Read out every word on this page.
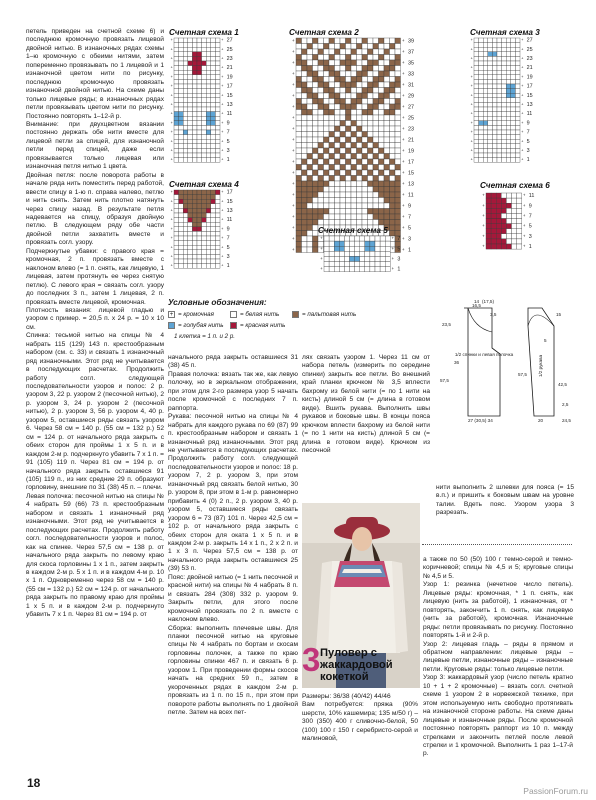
+	+
+	+
+	+
+	+
+	+
+	+
+	+
+	+
+	+
+	+
+	+
+	+
+	+
+	+
27
25
23
21
19
17
15
13
11
9
7
5
3
1
+	+
+	+
+	+
+	+
+	+
+	+
+	+
+	+
+	+
+	+
+	+
+	+
+	+
+	+
+	+
+	+
+	+
+	+
+	+
+	+
39
37
35
33
31
29
27
25
23
21
19
17
15
13
11
9
7
5
3
1
+	+
+	+
+	+
+	+
+	+
+	+
+	+
+	+
+	+
+	+
+	+
+	+
+	+
+	+
27
25
23
21
19
17
15
13
11
9
7
5
3
1
+	+
+	+
+	+
+	+
+	+
+	+
+	+
+	+
+	+
17
15
13
11
9
7
5
3
1
+	+
+	+
+	+
+	+
7
5
3
1
+	+
+	+
+	+
+	+
+	+
+	+
11
9
7
5
3
1
Счетная схема 1	Счетная схема 2	Счетная схема 3
Счетная схема 4
Счетная схема 5
Счетная схема 6
Условные обозначения:
+ = кромочная	= белая нить	= пальтовая нить
= голубая нить	= красная нить
1 клетка = 1 п. и 2 р.
14 (17,5)
16,5
3,5
23,5
36
57,5
15
5
57,5
42,5
27 (30,5) 34	20	24,5
2,5
1/2 спинки и левая полочка
1/2 рукава

петель приведен на счетной схеме 6) и последнюю кромочную провязать лицевой двойной нитью. В изнаночных рядах схемы 1–ю кромочную с обеими нитями, затем попеременно провязывать по 1 лицевой и 1 изнаночной цветом нити по рисунку, последнюю кромочную провязать изнаночной двойной нитью. На схеме даны только лицевые ряды; в изнаночных рядах петли провязывать цветом нити по рисунку. Постоянно повторять 1–12-й р.

Внимание: при двухцветном вязании постоянно держать обе нити вместе для лицевой петли за спицей, для изнаночной петли перед спицей, даже если провязывается только лицевая или изнаночная петля нитью 1 цвета.

Двойная петля: после поворота работы в начале ряда нить поместить перед работой, ввести спицу в 1-ю п. справа налево, петлю и нить снять. Затем нить плотно натянуть через спицу назад. В результате петля надевается на спицу, образуя двойную петлю. В следующем ряду обе части двойной петли захватить вместе и провязать согл. узору.

Подчеркнутые убавки: с правого края = кромочная, 2 п. провязать вместе с наклоном влево (= 1 п. снять, как лицевую, 1 лицевая, затем протянуть ее через снятую петлю). С левого края = связать согл. узору до последних 3 п., затем 1 лицевая, 2 п. провязать вместе лицевой, кромочная.

Плотность вязания: лицевой гладью и узором с пример. = 20,5 п. x 24 р. = 10 x 10 см.

Спинка: тесьмой нитью на спицы № 4 набрать 115 (129) 143 п. крестообразным набором (см. с. 33) и связать 1 изнаночный ряд изнаночными. Этот ряд не учитывается в последующих расчетах. Продолжить работу согл. следующей последовательности узоров и полос: 2 р. узором 3, 22 р. узором 2 (песочной нитью), 2 р. узором 3, 24 р. узором 2 (песочной нитью), 2 р. узором 3, 56 р. узором 4, 40 р. узором 5, оставшиеся ряды связать узором 6. Через 58 см = 140 р. (55 см = 132 р.) 52 см = 124 р. от начального ряда закрыть с обеих сторон для проймы 1 x 5 п. и в каждом 2-м р. подчеркнуто убавить 7 x 1 п. = 91 (105) 119 п. Через 81 см = 194 р. от начального ряда закрыть оставшиеся 91 (105) 119 п., из них средние 29 п. образуют горловину, внешние по 31 (38) 45 п. – плечи.

Левая полочка: песочной нитью на спицы № 4 набрать 59 (66) 73 п. крестообразным набором и связать 1 изнаночный ряд изнаночными. Этот ряд не учитывается в последующих расчетах. Продолжить работу согл. последовательности узоров и полос, как на спинке. Через 57,5 см = 138 р. от начального ряда закрыть по левому краю для скоса горловины 1 x 1 п., затем закрыть в каждом 2-м р. 5 x 1 п. и в каждом 4-м р. 10 x 1 п. Одновременно через 58 см = 140 р. (55 см = 132 р.) 52 см = 124 р. от начального ряда закрыть по правому краю для проймы 1 x 5 п. и в каждом 2-м р. подчеркнуто убавить 7 x 1 п. Через 81 см = 194 р. от

начального ряда закрыть оставшиеся 31 (38) 45 п.

Правая полочка: вязать так же, как левую полочку, но в зеркальном отображении, при этом для 2-го размера узор 5 начать после кромочной с последних 7 п. раппорта.

Рукава: песочной нитью на спицы № 4 набрать для каждого рукава по 69 (87) 99 п. крестообразным набором и связать 1 изнаночный ряд изнаночными. Этот ряд не учитывается в последующих расчетах. Продолжить работу согл. следующей последовательности узоров и полос: 18 р. узором 7, 2 р. узором 3, при этом изнаночный ряд связать белой нитью, 30 р. узором 8, при этом в 1-м р. равномерно прибавить 4 (0) 2 п., 2 р. узором 3, 40 р. узором 5, оставшиеся ряды связать узором 6 = 73 (87) 101 п. Через 42,5 см = 102 р. от начального ряда закрыть с обеих сторон для оката 1 x 5 п. и в каждом 2-м р. закрыть 14 x 1 п., 2 x 2 п. и 1 x 3 п. Через 57,5 см = 138 р. от начального ряда закрыть оставшиеся 25 (39) 53 п.

Пояс: двойной нитью (= 1 нить песочной и красной нити) на спицы № 4 набрать 8 п. и связать 284 (308) 332 р. узором 9. Закрыть петли, для этого после кромочной провязать по 2 п. вместе с наклоном влево.

Сборка: выполнить плечевые швы. Для планки песочной нитью на круговые спицы № 4 набрать по бортам и скосам горловины полочек, а также по краю горловины спинки 467 п. и связать 6 р. узором 1. При проведении формы скосов начать на средних 59 п., затем в укороченных рядах в каждом 2-м р. провязать из 1 п. по 15 п., при этом при повороте работы выполнять по 1 двойной петле. Затем на всех пет-

лях связать узором 1. Через 11 см от набора петель (измерить по середине спинки) закрыть все петли. Во внешний край планки крючком № 3,5 вплести бахрому из белой нити (= по 1 нити на кисть) длиной 5 см (= длина в готовом виде). Вшить рукава. Выполнить швы рукавов и боковые швы. В концы пояса крючком вплести бахрому из белой нити (= по 1 нити на кисть) длиной 5 см (= длина в готовом виде). Крючком из песочной

нити выполнить 2 шлевки для пояса (= 15 в.п.) и пришить к боковым швам на уровне талии. Вдеть пояс. Узором узора 3 разрезать.

3 Пуловер с жаккардовой кокеткой

Размеры: 36/38 (40/42) 44/46

Вам потребуется: пряжа (90% шерсти, 10% кашемира; 135 м/50 г) – 300 (350) 400 г сливочно-белой, 50 (100) 100 г 150 г серебристо-серой и малиновой,

а также по 50 (50) 100 г темно-серой и темно-коричневой; спицы № 4,5 и 5; круговые спицы № 4,5 и 5.

Узор 1: резинка (нечетное число петель). Лицевые ряды: кромочная, * 1 п. снять, как лицевую (нить за работой), 1 изнаночная, от * повторять, закончить 1 п. снять, как лицевую (нить за работой), кромочная. Изнаночные ряды: петли провязывать по рисунку. Постоянно повторять 1-й и 2-й р.

Узор 2: лицевая гладь – ряды в прямом и обратном направлении: лицевые ряды – лицевые петли, изнаночные ряды – изнаночные петли. Круговые ряды: только лицевые петли.

Узор 3: жаккардовый узор (число петель кратно 10 + 1 + 2 кромочные) – вязать согл. счетной схеме 1 узором 2 в норвежской технике, при этом используемую нить свободно протягивать на изнаночной стороне работы. На схеме даны лицевые и изнаночные ряды. После кромочной постоянно повторять раппорт из 10 п. между стрелками и закончить петлей после левой стрелки и 1 кромочной. Выполнить 1 раз 1–17-й р.

18
PassionForum.ru
